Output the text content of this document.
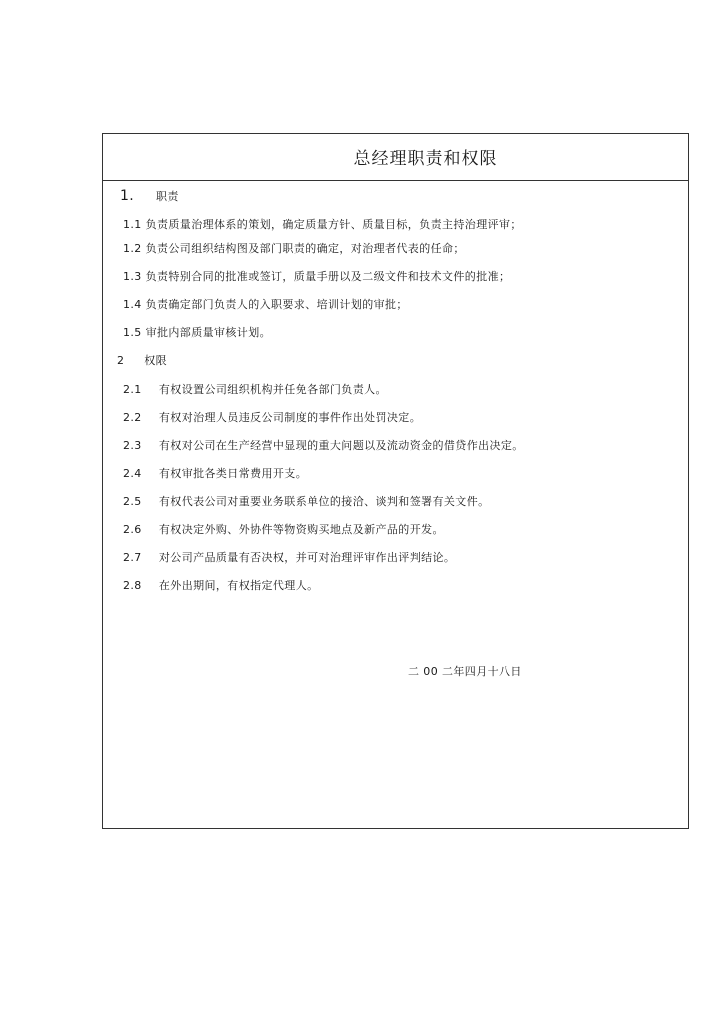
总经理职责和权限
1. 职责
1.1 负责质量治理体系的策划，确定质量方针、质量目标，负责主持治理评审；
1.2 负责公司组织结构图及部门职责的确定，对治理者代表的任命；
1.3 负责特别合同的批准或签订，质量手册以及二级文件和技术文件的批准；
1.4 负责确定部门负责人的入职要求、培训计划的审批；
1.5 审批内部质量审核计划。
2 权限
2.1 有权设置公司组织机构并任免各部门负责人。
2.2 有权对治理人员违反公司制度的事件作出处罚决定。
2.3 有权对公司在生产经营中显现的重大问题以及流动资金的借贷作出决定。
2.4 有权审批各类日常费用开支。
2.5 有权代表公司对重要业务联系单位的接洽、谈判和签署有关文件。
2.6 有权决定外购、外协件等物资购买地点及新产品的开发。
2.7 对公司产品质量有否决权，并可对治理评审作出评判结论。
2.8 在外出期间，有权指定代理人。
二 00 二年四月十八日
